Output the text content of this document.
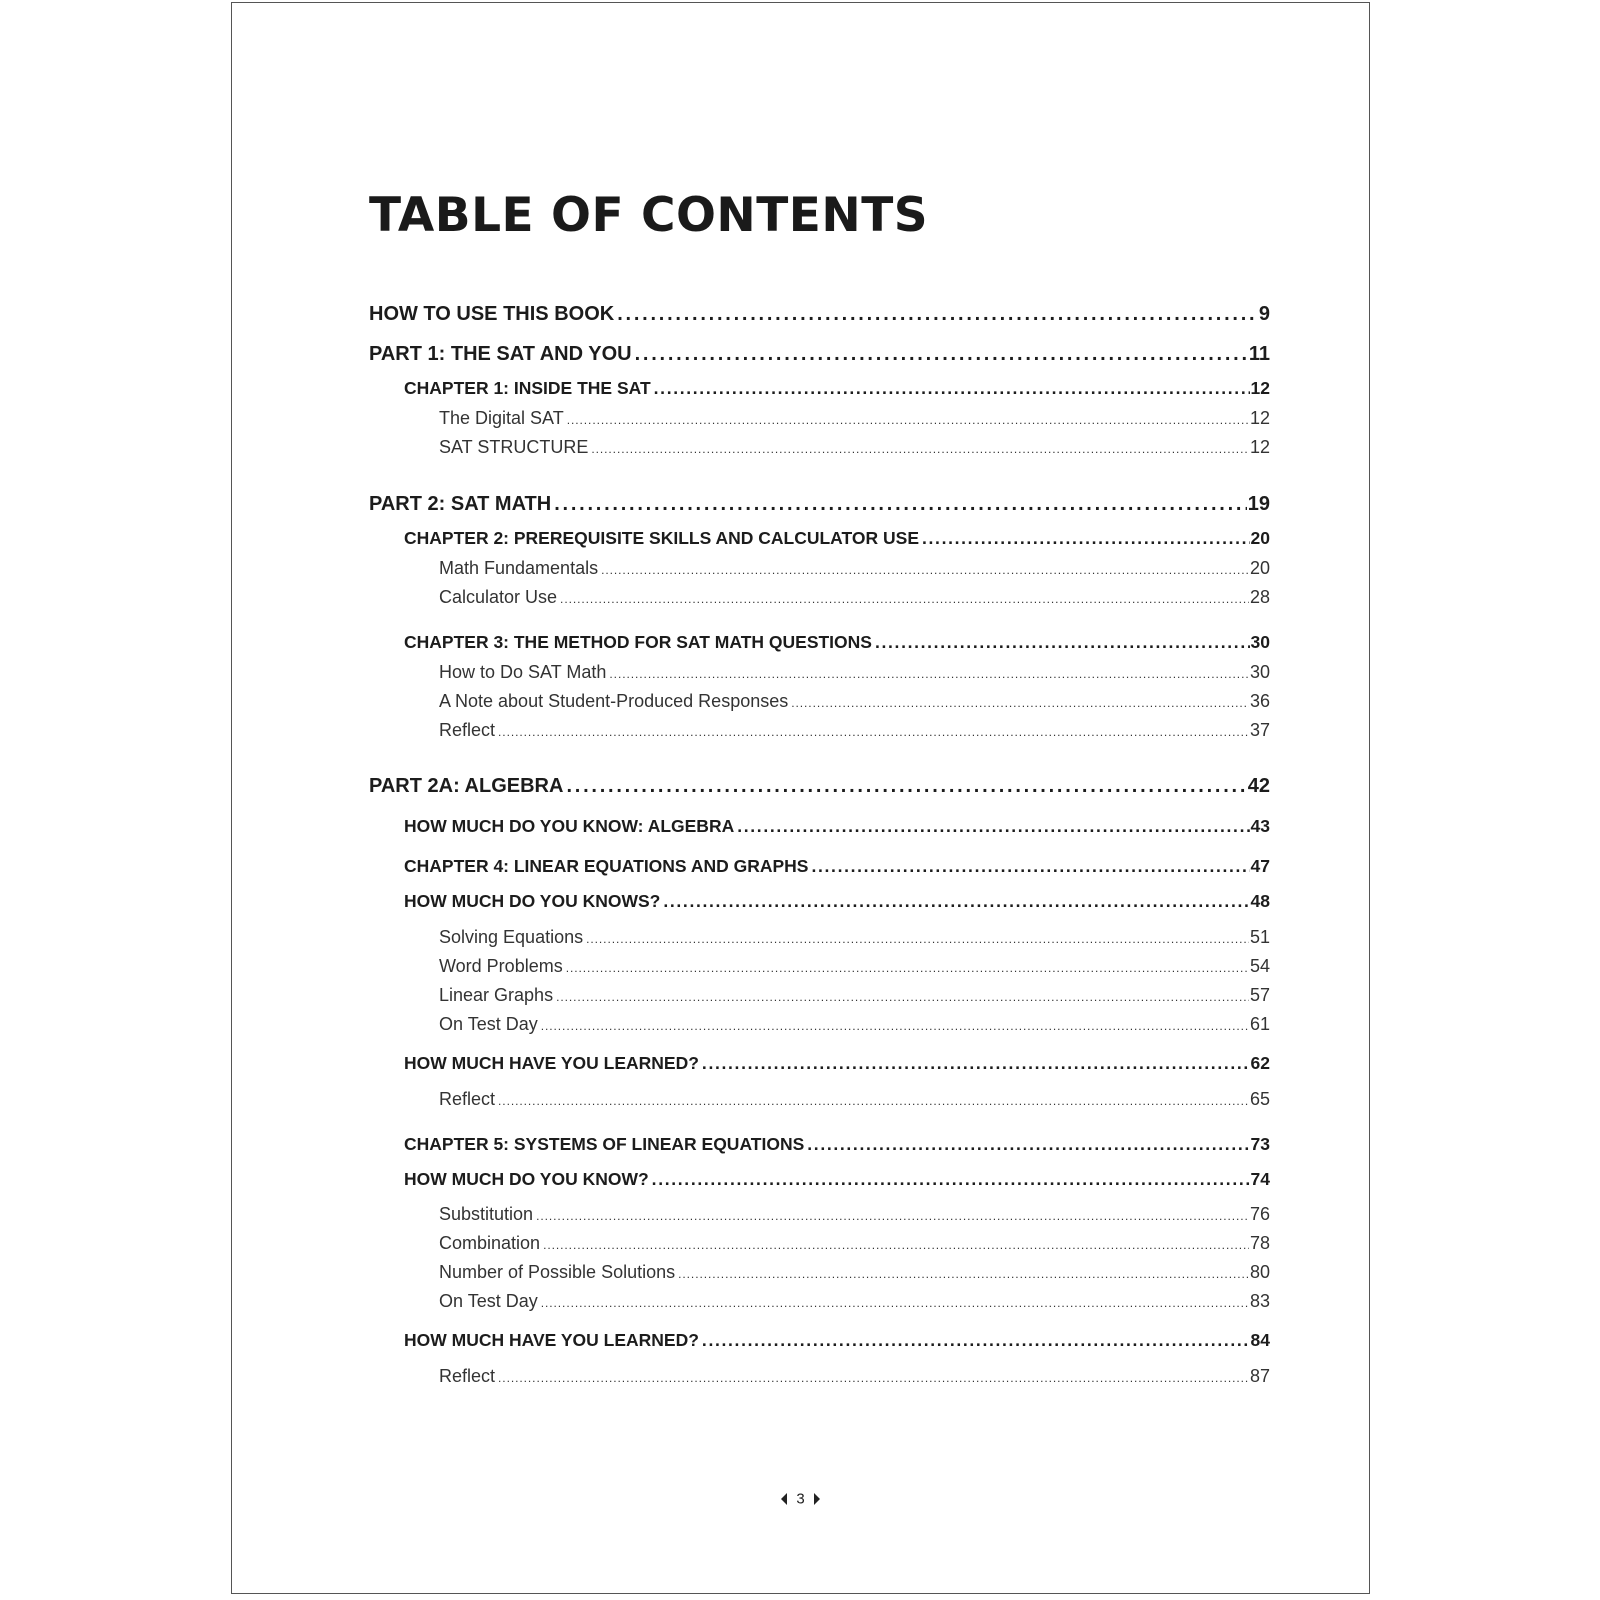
TABLE OF CONTENTS
HOW TO USE THIS BOOK . . .	9
PART 1: THE SAT AND YOU . . .	11
CHAPTER 1: INSIDE THE SAT . . .	12
The Digital SAT . . .	12
SAT STRUCTURE . . .	12
PART 2: SAT MATH . . .	19
CHAPTER 2: PREREQUISITE SKILLS AND CALCULATOR USE . . .	20
Math Fundamentals . . .	20
Calculator Use . . .	28
CHAPTER 3: THE METHOD FOR SAT MATH QUESTIONS . . .	30
How to Do SAT Math . . .	30
A Note about Student-Produced Responses . . .	36
Reflect . . .	37
PART 2A: ALGEBRA . . .	42
HOW MUCH DO YOU KNOW: ALGEBRA . . .	43
CHAPTER 4: LINEAR EQUATIONS AND GRAPHS . . .	47
HOW MUCH DO YOU KNOWS? . . .	48
Solving Equations . . .	51
Word Problems . . .	54
Linear Graphs . . .	57
On Test Day . . .	61
HOW MUCH HAVE YOU LEARNED? . . .	62
Reflect . . .	65
CHAPTER 5: SYSTEMS OF LINEAR EQUATIONS . . .	73
HOW MUCH DO YOU KNOW? . . .	74
Substitution . . .	76
Combination . . .	78
Number of Possible Solutions . . .	80
On Test Day . . .	83
HOW MUCH HAVE YOU LEARNED? . . .	84
Reflect . . .	87
3
